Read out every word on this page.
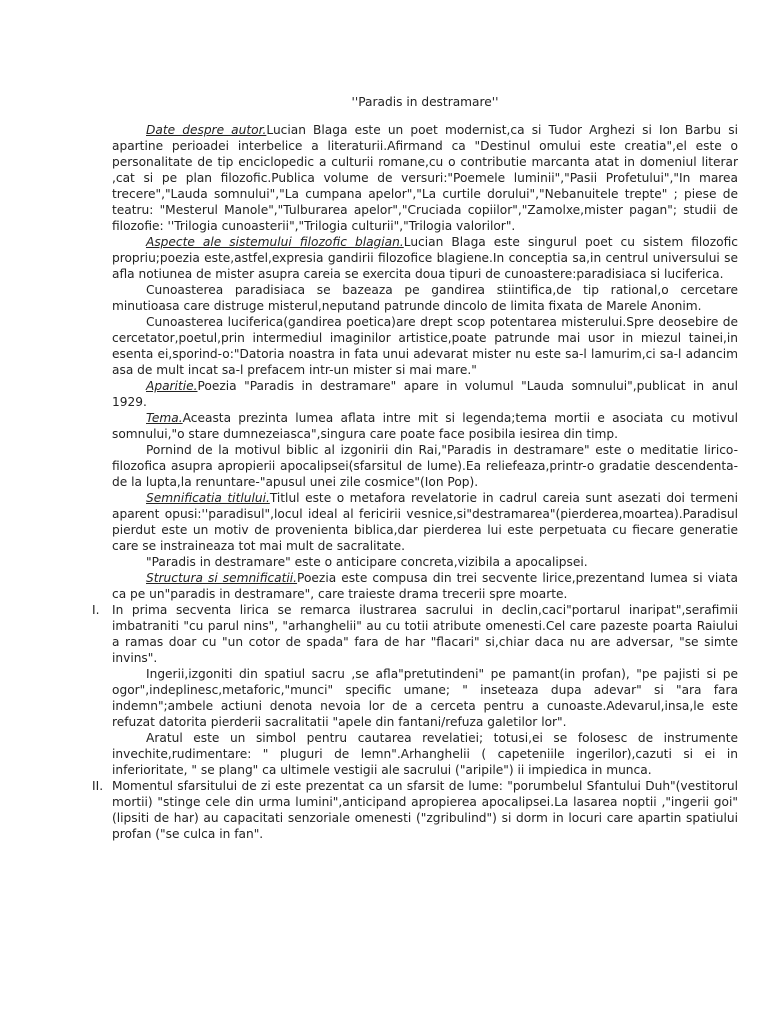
''Paradis in destramare''

Date despre autor.Lucian Blaga este un poet modernist,ca si Tudor Arghezi si Ion Barbu si apartine perioadei interbelice a literaturii.Afirmand ca "Destinul omului este creatia",el este o personalitate de tip enciclopedic a culturii romane,cu o contributie marcanta atat in domeniul literar ,cat si pe plan filozofic.Publica volume de versuri:"Poemele luminii","Pasii Profetului","In marea trecere","Lauda somnului","La cumpana apelor","La curtile dorului","Nebanuitele trepte" ; piese de teatru: "Mesterul Manole","Tulburarea apelor","Cruciada copiilor","Zamolxe,mister pagan"; studii de filozofie: ''Trilogia cunoasterii","Trilogia culturii","Trilogia valorilor".

Aspecte ale sistemului filozofic blagian.Lucian Blaga este singurul poet cu sistem filozofic propriu;poezia este,astfel,expresia gandirii filozofice blagiene.In conceptia sa,in centrul universului se afla notiunea de mister asupra careia se exercita doua tipuri de cunoastere:paradisiaca si luciferica.

Cunoasterea paradisiaca se bazeaza pe gandirea stiintifica,de tip rational,o cercetare minutioasa care distruge misterul,neputand patrunde dincolo de limita fixata de Marele Anonim.

Cunoasterea luciferica(gandirea poetica)are drept scop potentarea misterului.Spre deosebire de cercetator,poetul,prin intermediul imaginilor artistice,poate patrunde mai usor in miezul tainei,in esenta ei,sporind-o:"Datoria noastra in fata unui adevarat mister nu este sa-l lamurim,ci sa-l adancim asa de mult incat sa-l prefacem intr-un mister si mai mare."

Aparitie.Poezia "Paradis in destramare" apare in volumul "Lauda somnului",publicat in anul 1929.

Tema.Aceasta prezinta lumea aflata intre mit si legenda;tema mortii e asociata cu motivul somnului,"o stare dumnezeiasca",singura care poate face posibila iesirea din timp.

Pornind de la motivul biblic al izgonirii din Rai,"Paradis in destramare" este o meditatie lirico-filozofica asupra apropierii apocalipsei(sfarsitul de lume).Ea reliefeaza,printr-o gradatie descendenta-de la lupta,la renuntare-"apusul unei zile cosmice"(Ion Pop).

Semnificatia titlului.Titlul este o metafora revelatorie in cadrul careia sunt asezati doi termeni aparent opusi:''paradisul",locul ideal al fericirii vesnice,si"destramarea"(pierderea,moartea).Paradisul pierdut este un motiv de provenienta biblica,dar pierderea lui este perpetuata cu fiecare generatie care se instraineaza tot mai mult de sacralitate.

"Paradis in destramare" este o anticipare concreta,vizibila a apocalipsei.

Structura si semnificatii.Poezia este compusa din trei secvente lirice,prezentand lumea si viata ca pe un"paradis in destramare", care traieste drama trecerii spre moarte.

I. In prima secventa lirica se remarca ilustrarea sacrului in declin,caci"portarul inaripat",serafimii imbatraniti "cu parul nins", "arhanghelii" au cu totii atribute omenesti.Cel care pazeste poarta Raiului a ramas doar cu "un cotor de spada" fara de har "flacari" si,chiar daca nu are adversar, "se simte invins".

Ingerii,izgoniti din spatiul sacru ,se afla"pretutindeni" pe pamant(in profan), "pe pajisti si pe ogor",indeplinesc,metaforic,"munci" specific umane; " inseteaza dupa adevar" si "ara fara indemn";ambele actiuni denota nevoia lor de a cerceta pentru a cunoaste.Adevarul,insa,le este refuzat datorita pierderii sacralitatii "apele din fantani/refuza galetilor lor".

Aratul este un simbol pentru cautarea revelatiei; totusi,ei se folosesc de instrumente invechite,rudimentare: " pluguri de lemn".Arhanghelii ( capeteniile ingerilor),cazuti si ei in inferioritate, " se plang" ca ultimele vestigii ale sacrului ("aripile") ii impiedica in munca.

II. Momentul sfarsitului de zi este prezentat ca un sfarsit de lume: "porumbelul Sfantului Duh"(vestitorul mortii) "stinge cele din urma lumini",anticipand apropierea apocalipsei.La lasarea noptii ,"ingerii goi"(lipsiti de har) au capacitati senzoriale omenesti ("zgribulind") si dorm in locuri care apartin spatiului profan ("se culca in fan".
